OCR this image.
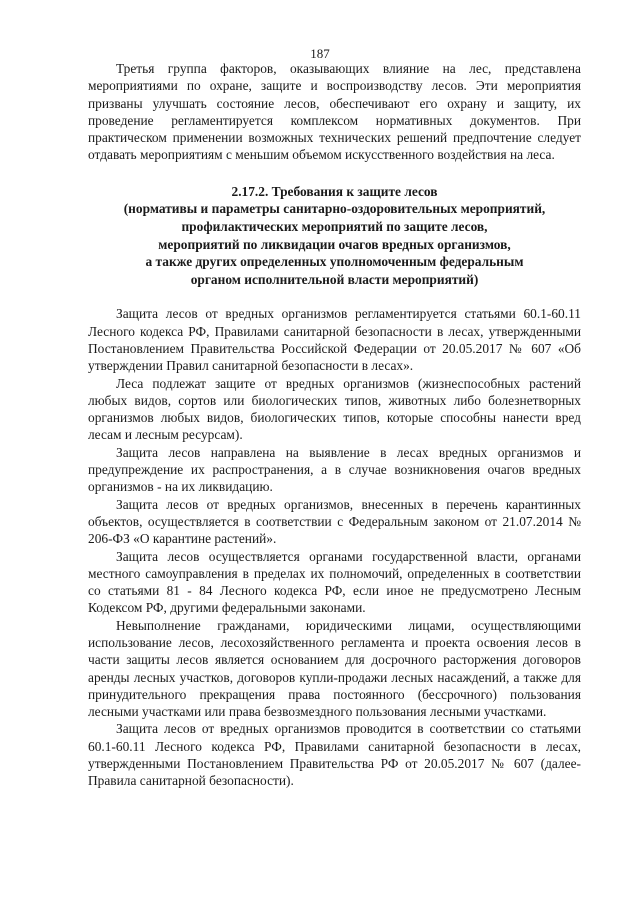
187

Третья группа факторов, оказывающих влияние на лес, представлена мероприятиями по охране, защите и воспроизводству лесов. Эти мероприятия призваны улучшать состояние лесов, обеспечивают его охрану и защиту, их проведение регламентируется комплексом нормативных документов. При практическом применении возможных технических решений предпочтение следует отдавать мероприятиям с меньшим объемом искусственного воздействия на леса.

2.17.2. Требования к защите лесов
(нормативы и параметры санитарно-оздоровительных мероприятий,
профилактических мероприятий по защите лесов,
мероприятий по ликвидации очагов вредных организмов,
а также других определенных уполномоченным федеральным
органом исполнительной власти мероприятий)

Защита лесов от вредных организмов регламентируется статьями 60.1-60.11 Лесного кодекса РФ, Правилами санитарной безопасности в лесах, утвержденными Постановлением Правительства Российской Федерации от 20.05.2017 № 607 «Об утверждении Правил санитарной безопасности в лесах».

Леса подлежат защите от вредных организмов (жизнеспособных растений любых видов, сортов или биологических типов, животных либо болезнетворных организмов любых видов, биологических типов, которые способны нанести вред лесам и лесным ресурсам).

Защита лесов направлена на выявление в лесах вредных организмов и предупреждение их распространения, а в случае возникновения очагов вредных организмов - на их ликвидацию.

Защита лесов от вредных организмов, внесенных в перечень карантинных объектов, осуществляется в соответствии с Федеральным законом от 21.07.2014 № 206-ФЗ «О карантине растений».

Защита лесов осуществляется органами государственной власти, органами местного самоуправления в пределах их полномочий, определенных в соответствии со статьями 81 - 84 Лесного кодекса РФ, если иное не предусмотрено Лесным Кодексом РФ, другими федеральными законами.

Невыполнение гражданами, юридическими лицами, осуществляющими использование лесов, лесохозяйственного регламента и проекта освоения лесов в части защиты лесов является основанием для досрочного расторжения договоров аренды лесных участков, договоров купли-продажи лесных насаждений, а также для принудительного прекращения права постоянного (бессрочного) пользования лесными участками или права безвозмездного пользования лесными участками.

Защита лесов от вредных организмов проводится в соответствии со статьями 60.1-60.11 Лесного кодекса РФ, Правилами санитарной безопасности в лесах, утвержденными Постановлением Правительства РФ от 20.05.2017 № 607 (далее-Правила санитарной безопасности).
